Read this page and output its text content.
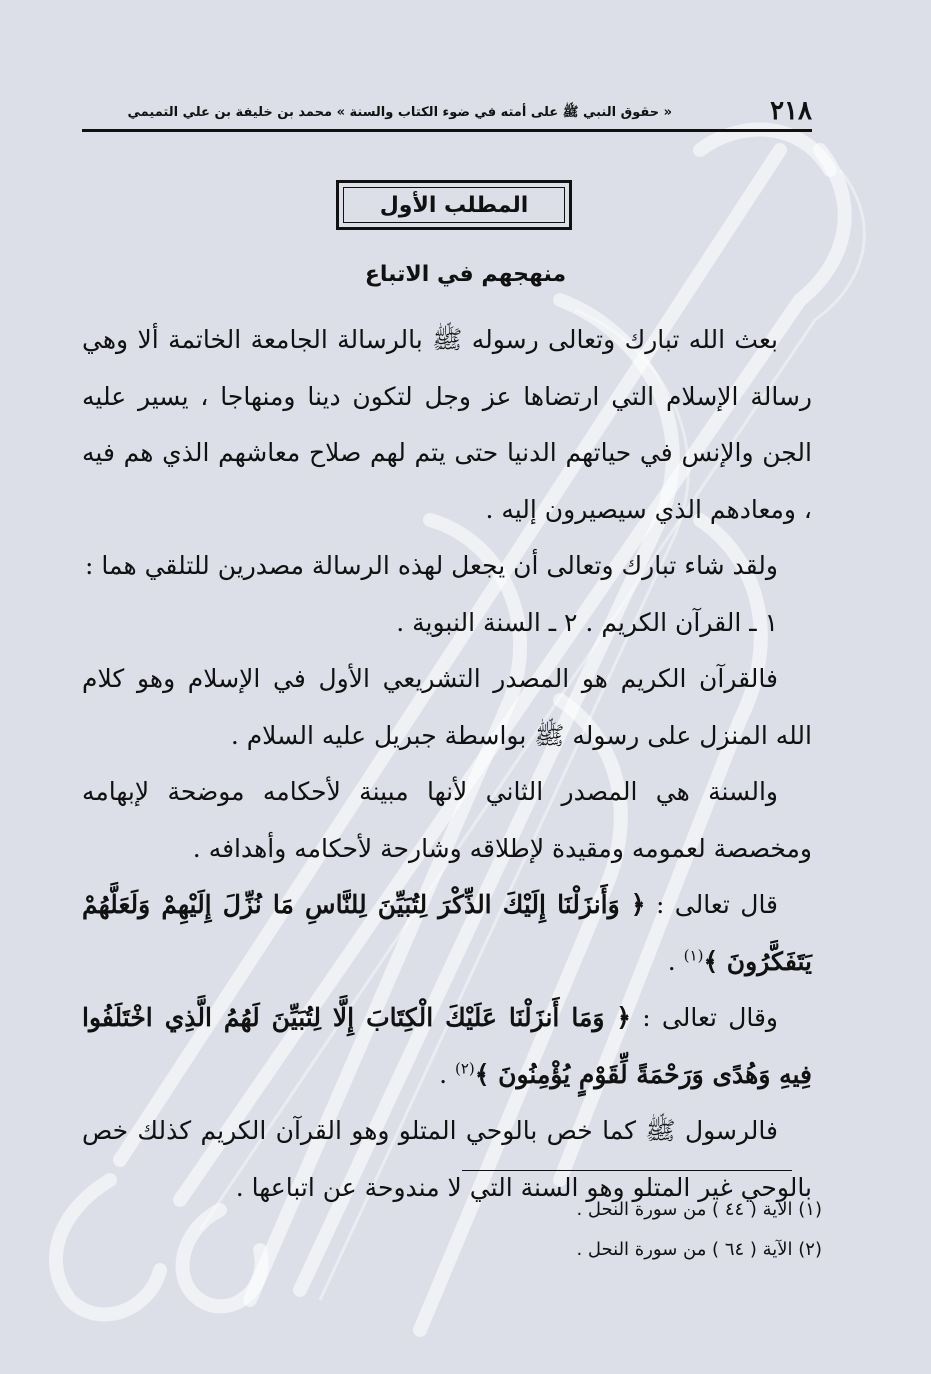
٢١٨
« حقوق النبي ﷺ على أمته في ضوء الكتاب والسنة » محمد بن خليفة بن علي التميمي
المطلب الأول
منهجهم في الاتباع

بعث الله تبارك وتعالى رسوله ﷺ بالرسالة الجامعة الخاتمة ألا وهي رسالة الإسلام التي ارتضاها عز وجل لتكون دينا ومنهاجا ، يسير عليه الجن والإنس في حياتهم الدنيا حتى يتم لهم صلاح معاشهم الذي هم فيه ، ومعادهم الذي سيصيرون إليه .

ولقد شاء تبارك وتعالى أن يجعل لهذه الرسالة مصدرين للتلقي هما :

١ ـ القرآن الكريم . ٢ ـ السنة النبوية .

فالقرآن الكريم هو المصدر التشريعي الأول في الإسلام وهو كلام الله المنزل على رسوله ﷺ بواسطة جبريل عليه السلام .

والسنة هي المصدر الثاني لأنها مبينة لأحكامه موضحة لإبهامه ومخصصة لعمومه ومقيدة لإطلاقه وشارحة لأحكامه وأهدافه .

قال تعالى : ﴿ وَأَنزَلْنَا إِلَيْكَ الذِّكْرَ لِتُبَيِّنَ لِلنَّاسِ مَا نُزِّلَ إِلَيْهِمْ وَلَعَلَّهُمْ يَتَفَكَّرُونَ ﴾$^{(١)}$ .

وقال تعالى : ﴿ وَمَا أَنزَلْنَا عَلَيْكَ الْكِتَابَ إِلَّا لِتُبَيِّنَ لَهُمُ الَّذِي اخْتَلَفُوا فِيهِ وَهُدًى وَرَحْمَةً لِّقَوْمٍ يُؤْمِنُونَ ﴾$^{(٢)}$ .

فالرسول ﷺ كما خص بالوحي المتلو وهو القرآن الكريم كذلك خص بالوحي غير المتلو وهو السنة التي لا مندوحة عن اتباعها .

(١) الآية ( ٤٤ ) من سورة النحل .
(٢) الآية ( ٦٤ ) من سورة النحل .
